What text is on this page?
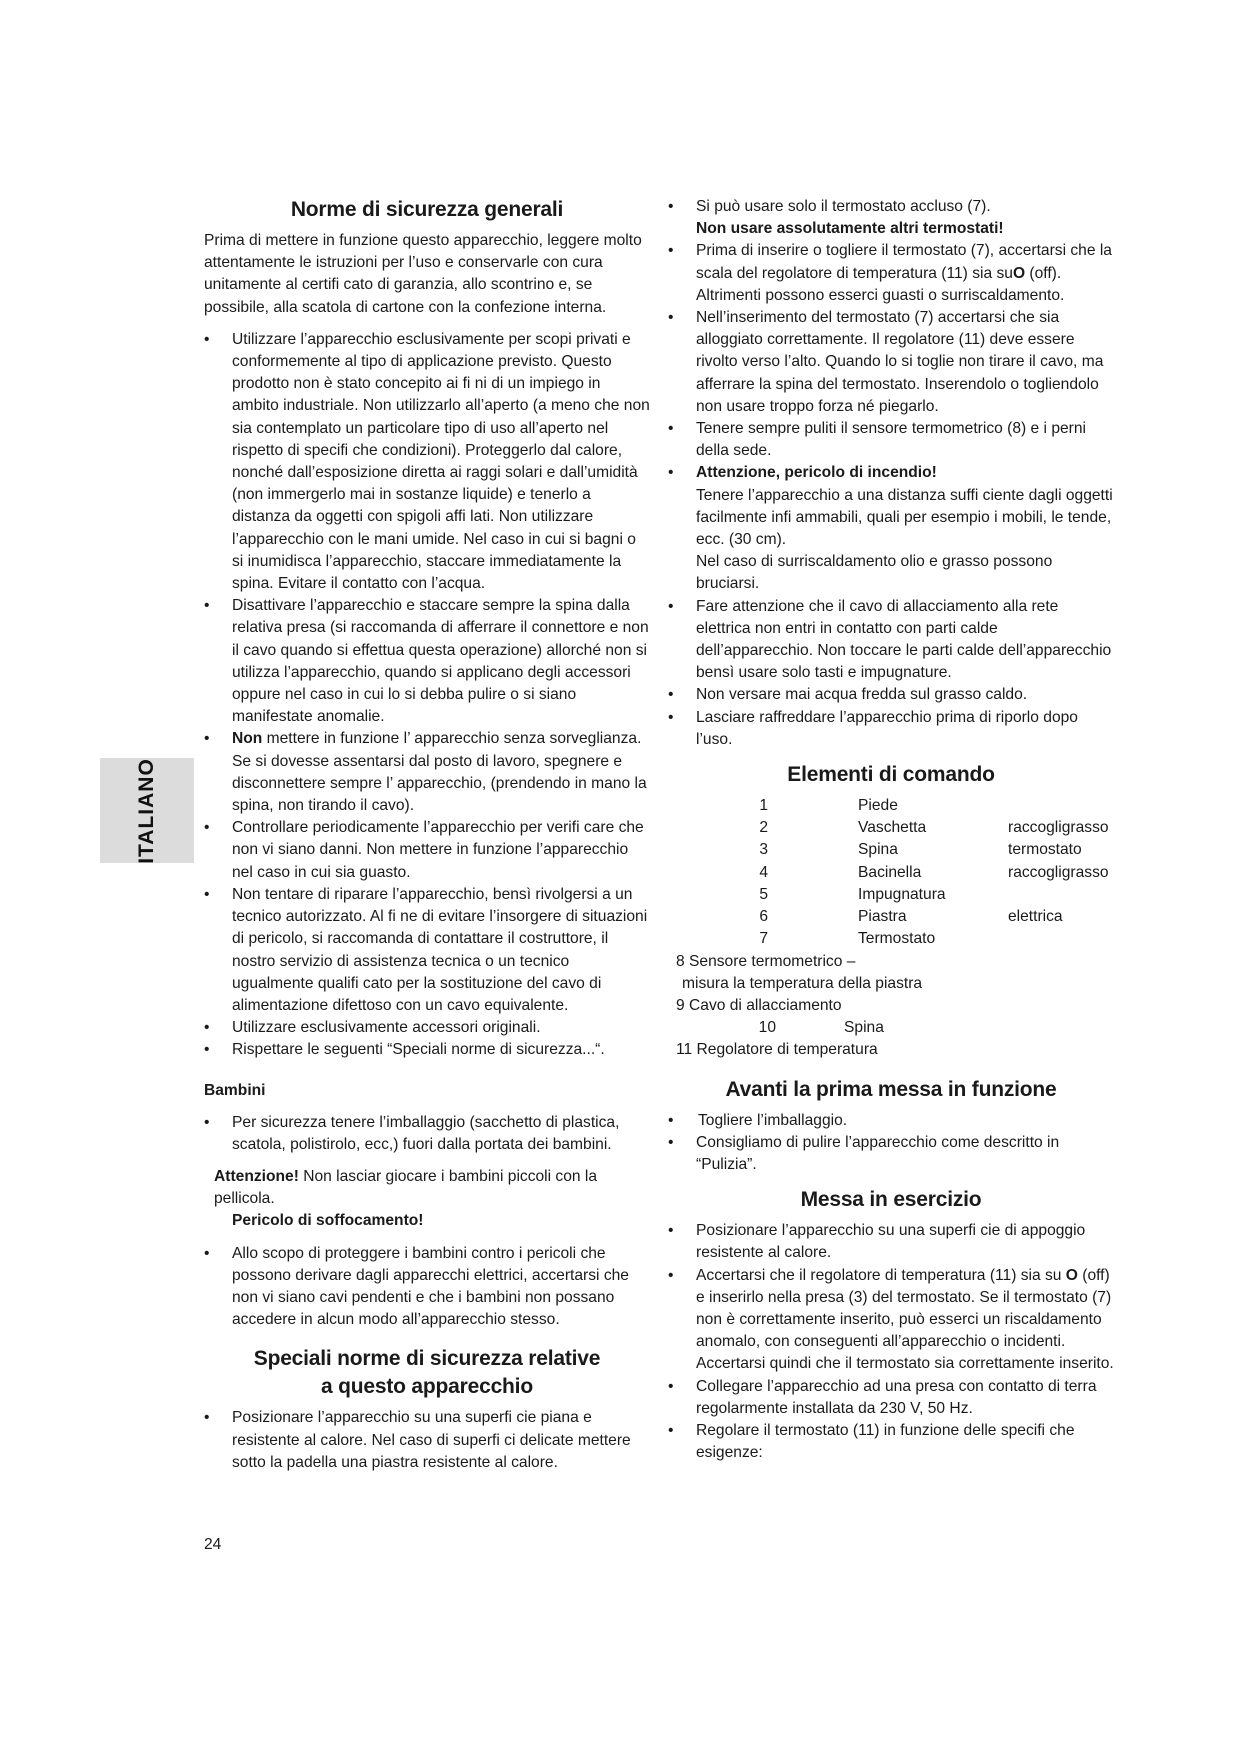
ITALIANO
Norme di sicurezza generali

Prima di mettere in funzione questo apparecchio, leggere molto attentamente le istruzioni per l’uso e conservarle con cura unitamente al certifi cato di garanzia, allo scontrino e, se possibile, alla scatola di cartone con la confezione interna.

• Utilizzare l’apparecchio esclusivamente per scopi privati e conformemente al tipo di applicazione previsto. Questo prodotto non è stato concepito ai fi ni di un impiego in ambito industriale. Non utilizzarlo all’aperto (a meno che non sia contemplato un particolare tipo di uso all’aperto nel rispetto di specifi che condizioni). Proteggerlo dal calore, nonché dall’esposizione diretta ai raggi solari e dall’umidità (non immergerlo mai in sostanze liquide) e tenerlo a distanza da oggetti con spigoli affi lati. Non utilizzare l’apparecchio con le mani umide. Nel caso in cui si bagni o si inumidisca l’apparecchio, staccare immediatamente la spina. Evitare il contatto con l’acqua.
• Disattivare l’apparecchio e staccare sempre la spina dalla relativa presa (si raccomanda di afferrare il connettore e non il cavo quando si effettua questa operazione) allorché non si utilizza l’apparecchio, quando si applicano degli accessori oppure nel caso in cui lo si debba pulire o si siano manifestate anomalie.
• Non mettere in funzione l’ apparecchio senza sorveglianza. Se si dovesse assentarsi dal posto di lavoro, spegnere e disconnettere sempre l’ apparecchio, (prendendo in mano la spina, non tirando il cavo).
• Controllare periodicamente l’apparecchio per verifi care che non vi siano danni. Non mettere in funzione l’apparecchio nel caso in cui sia guasto.
• Non tentare di riparare l’apparecchio, bensì rivolgersi a un tecnico autorizzato. Al fi ne di evitare l’insorgere di situazioni di pericolo, si raccomanda di contattare il costruttore, il nostro servizio di assistenza tecnica o un tecnico ugualmente qualifi cato per la sostituzione del cavo di alimentazione difettoso con un cavo equivalente.
• Utilizzare esclusivamente accessori originali.
• Rispettare le seguenti “Speciali norme di sicurezza...“.
Bambini
• Per sicurezza tenere l’imballaggio (sacchetto di plastica, scatola, polistirolo, ecc,) fuori dalla portata dei bambini.

Attenzione! Non lasciar giocare i bambini piccoli con la pellicola.

Pericolo di soffocamento!

• Allo scopo di proteggere i bambini contro i pericoli che possono derivare dagli apparecchi elettrici, accertarsi che non vi siano cavi pendenti e che i bambini non possano accedere in alcun modo all’apparecchio stesso.
Speciali norme di sicurezza relative
a questo apparecchio
• Posizionare l’apparecchio su una superfi cie piana e resistente al calore. Nel caso di superfi ci delicate mettere sotto la padella una piastra resistente al calore.
• Si può usare solo il termostato accluso (7).
Non usare assolutamente altri termostati!
• Prima di inserire o togliere il termostato (7), accertarsi che la scala del regolatore di temperatura (11) sia suO (off). Altrimenti possono esserci guasti o surriscaldamento.
• Nell’inserimento del termostato (7) accertarsi che sia alloggiato correttamente. Il regolatore (11) deve essere rivolto verso l’alto. Quando lo si toglie non tirare il cavo, ma afferrare la spina del termostato. Inserendolo o togliendolo non usare troppo forza né piegarlo.
• Tenere sempre puliti il sensore termometrico (8) e i perni della sede.
• Attenzione, pericolo di incendio!
Tenere l’apparecchio a una distanza suffi ciente dagli oggetti facilmente infi ammabili, quali per esempio i mobili, le tende, ecc. (30 cm).
Nel caso di surriscaldamento olio e grasso possono bruciarsi.
• Fare attenzione che il cavo di allacciamento alla rete elettrica non entri in contatto con parti calde dell’apparecchio. Non toccare le parti calde dell’apparecchio bensì usare solo tasti e impugnature.
• Non versare mai acqua fredda sul grasso caldo.
• Lasciare raffreddare l’apparecchio prima di riporlo dopo l’uso.
Elementi di comando
1	Piede
2	Vaschetta	raccogligrasso
3	Spina	termostato
4	Bacinella	raccogligrasso
5	Impugnatura
6	Piastra	elettrica
7	Termostato

8 Sensore termometrico –

misura la temperatura della piastra

9 Cavo di allacciamento

10	Spina

11 Regolatore di temperatura

Avanti la prima messa in funzione
• Togliere l’imballaggio.
• Consigliamo di pulire l’apparecchio come descritto in “Pulizia”.
Messa in esercizio
• Posizionare l’apparecchio su una superfi cie di appoggio resistente al calore.
• Accertarsi che il regolatore di temperatura (11) sia su O (off) e inserirlo nella presa (3) del termostato. Se il termostato (7) non è correttamente inserito, può esserci un riscaldamento anomalo, con conseguenti all’apparecchio o incidenti. Accertarsi quindi che il termostato sia correttamente inserito.
• Collegare l’apparecchio ad una presa con contatto di terra regolarmente installata da 230 V, 50 Hz.
• Regolare il termostato (11) in funzione delle specifi che esigenze:
24
